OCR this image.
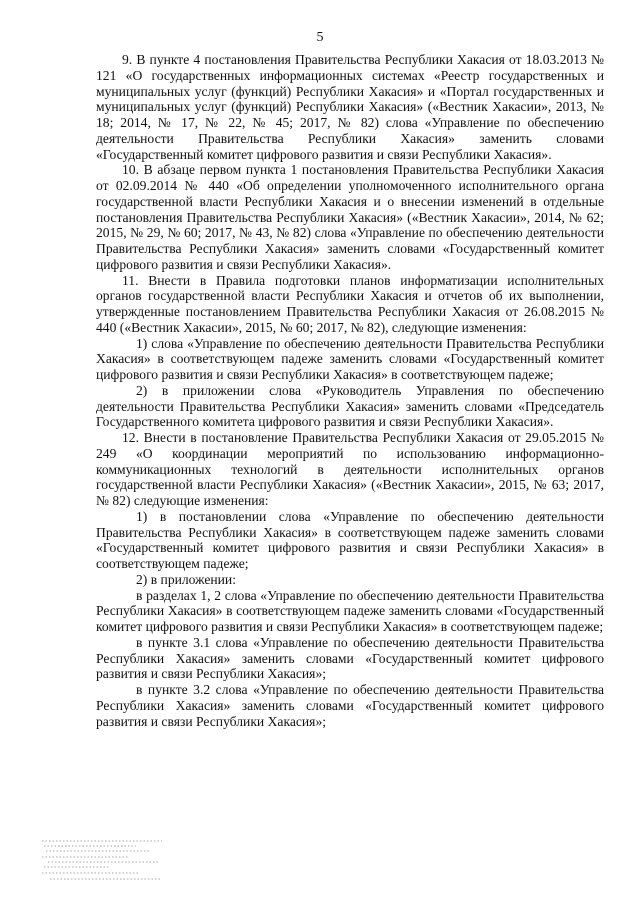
5

9. В пункте 4 постановления Правительства Республики Хакасия от 18.03.2013 № 121 «О государственных информационных системах «Реестр государственных и муниципальных услуг (функций) Республики Хакасия» и «Портал государственных и муниципальных услуг (функций) Республики Хакасия» («Вестник Хакасии», 2013, № 18; 2014, № 17, № 22, № 45; 2017, № 82) слова «Управление по обеспечению деятельности Правительства Республики Хакасия» заменить словами «Государственный комитет цифрового развития и связи Республики Хакасия».

10. В абзаце первом пункта 1 постановления Правительства Республики Хакасия от 02.09.2014 № 440 «Об определении уполномоченного исполнительного органа государственной власти Республики Хакасия и о внесении изменений в отдельные постановления Правительства Республики Хакасия» («Вестник Хакасии», 2014, № 62; 2015, № 29, № 60; 2017, № 43, № 82) слова «Управление по обеспечению деятельности Правительства Республики Хакасия» заменить словами «Государственный комитет цифрового развития и связи Республики Хакасия».

11. Внести в Правила подготовки планов информатизации исполнительных органов государственной власти Республики Хакасия и отчетов об их выполнении, утвержденные постановлением Правительства Республики Хакасия от 26.08.2015 № 440 («Вестник Хакасии», 2015, № 60; 2017, № 82), следующие изменения:

1) слова «Управление по обеспечению деятельности Правительства Республики Хакасия» в соответствующем падеже заменить словами «Государственный комитет цифрового развития и связи Республики Хакасия» в соответствующем падеже;

2) в приложении слова «Руководитель Управления по обеспечению деятельности Правительства Республики Хакасия» заменить словами «Председатель Государственного комитета цифрового развития и связи Республики Хакасия».

12. Внести в постановление Правительства Республики Хакасия от 29.05.2015 № 249 «О координации мероприятий по использованию информационно-коммуникационных технологий в деятельности исполнительных органов государственной власти Республики Хакасия» («Вестник Хакасии», 2015, № 63; 2017, № 82) следующие изменения:

1) в постановлении слова «Управление по обеспечению деятельности Правительства Республики Хакасия» в соответствующем падеже заменить словами «Государственный комитет цифрового развития и связи Республики Хакасия» в соответствующем падеже;

2) в приложении:

в разделах 1, 2 слова «Управление по обеспечению деятельности Правительства Республики Хакасия» в соответствующем падеже заменить словами «Государственный комитет цифрового развития и связи Республики Хакасия» в соответствующем падеже;

в пункте 3.1 слова «Управление по обеспечению деятельности Правительства Республики Хакасия» заменить словами «Государственный комитет цифрового развития и связи Республики Хакасия»;

в пункте 3.2 слова «Управление по обеспечению деятельности Правительства Республики Хакасия» заменить словами «Государственный комитет цифрового развития и связи Республики Хакасия»;
